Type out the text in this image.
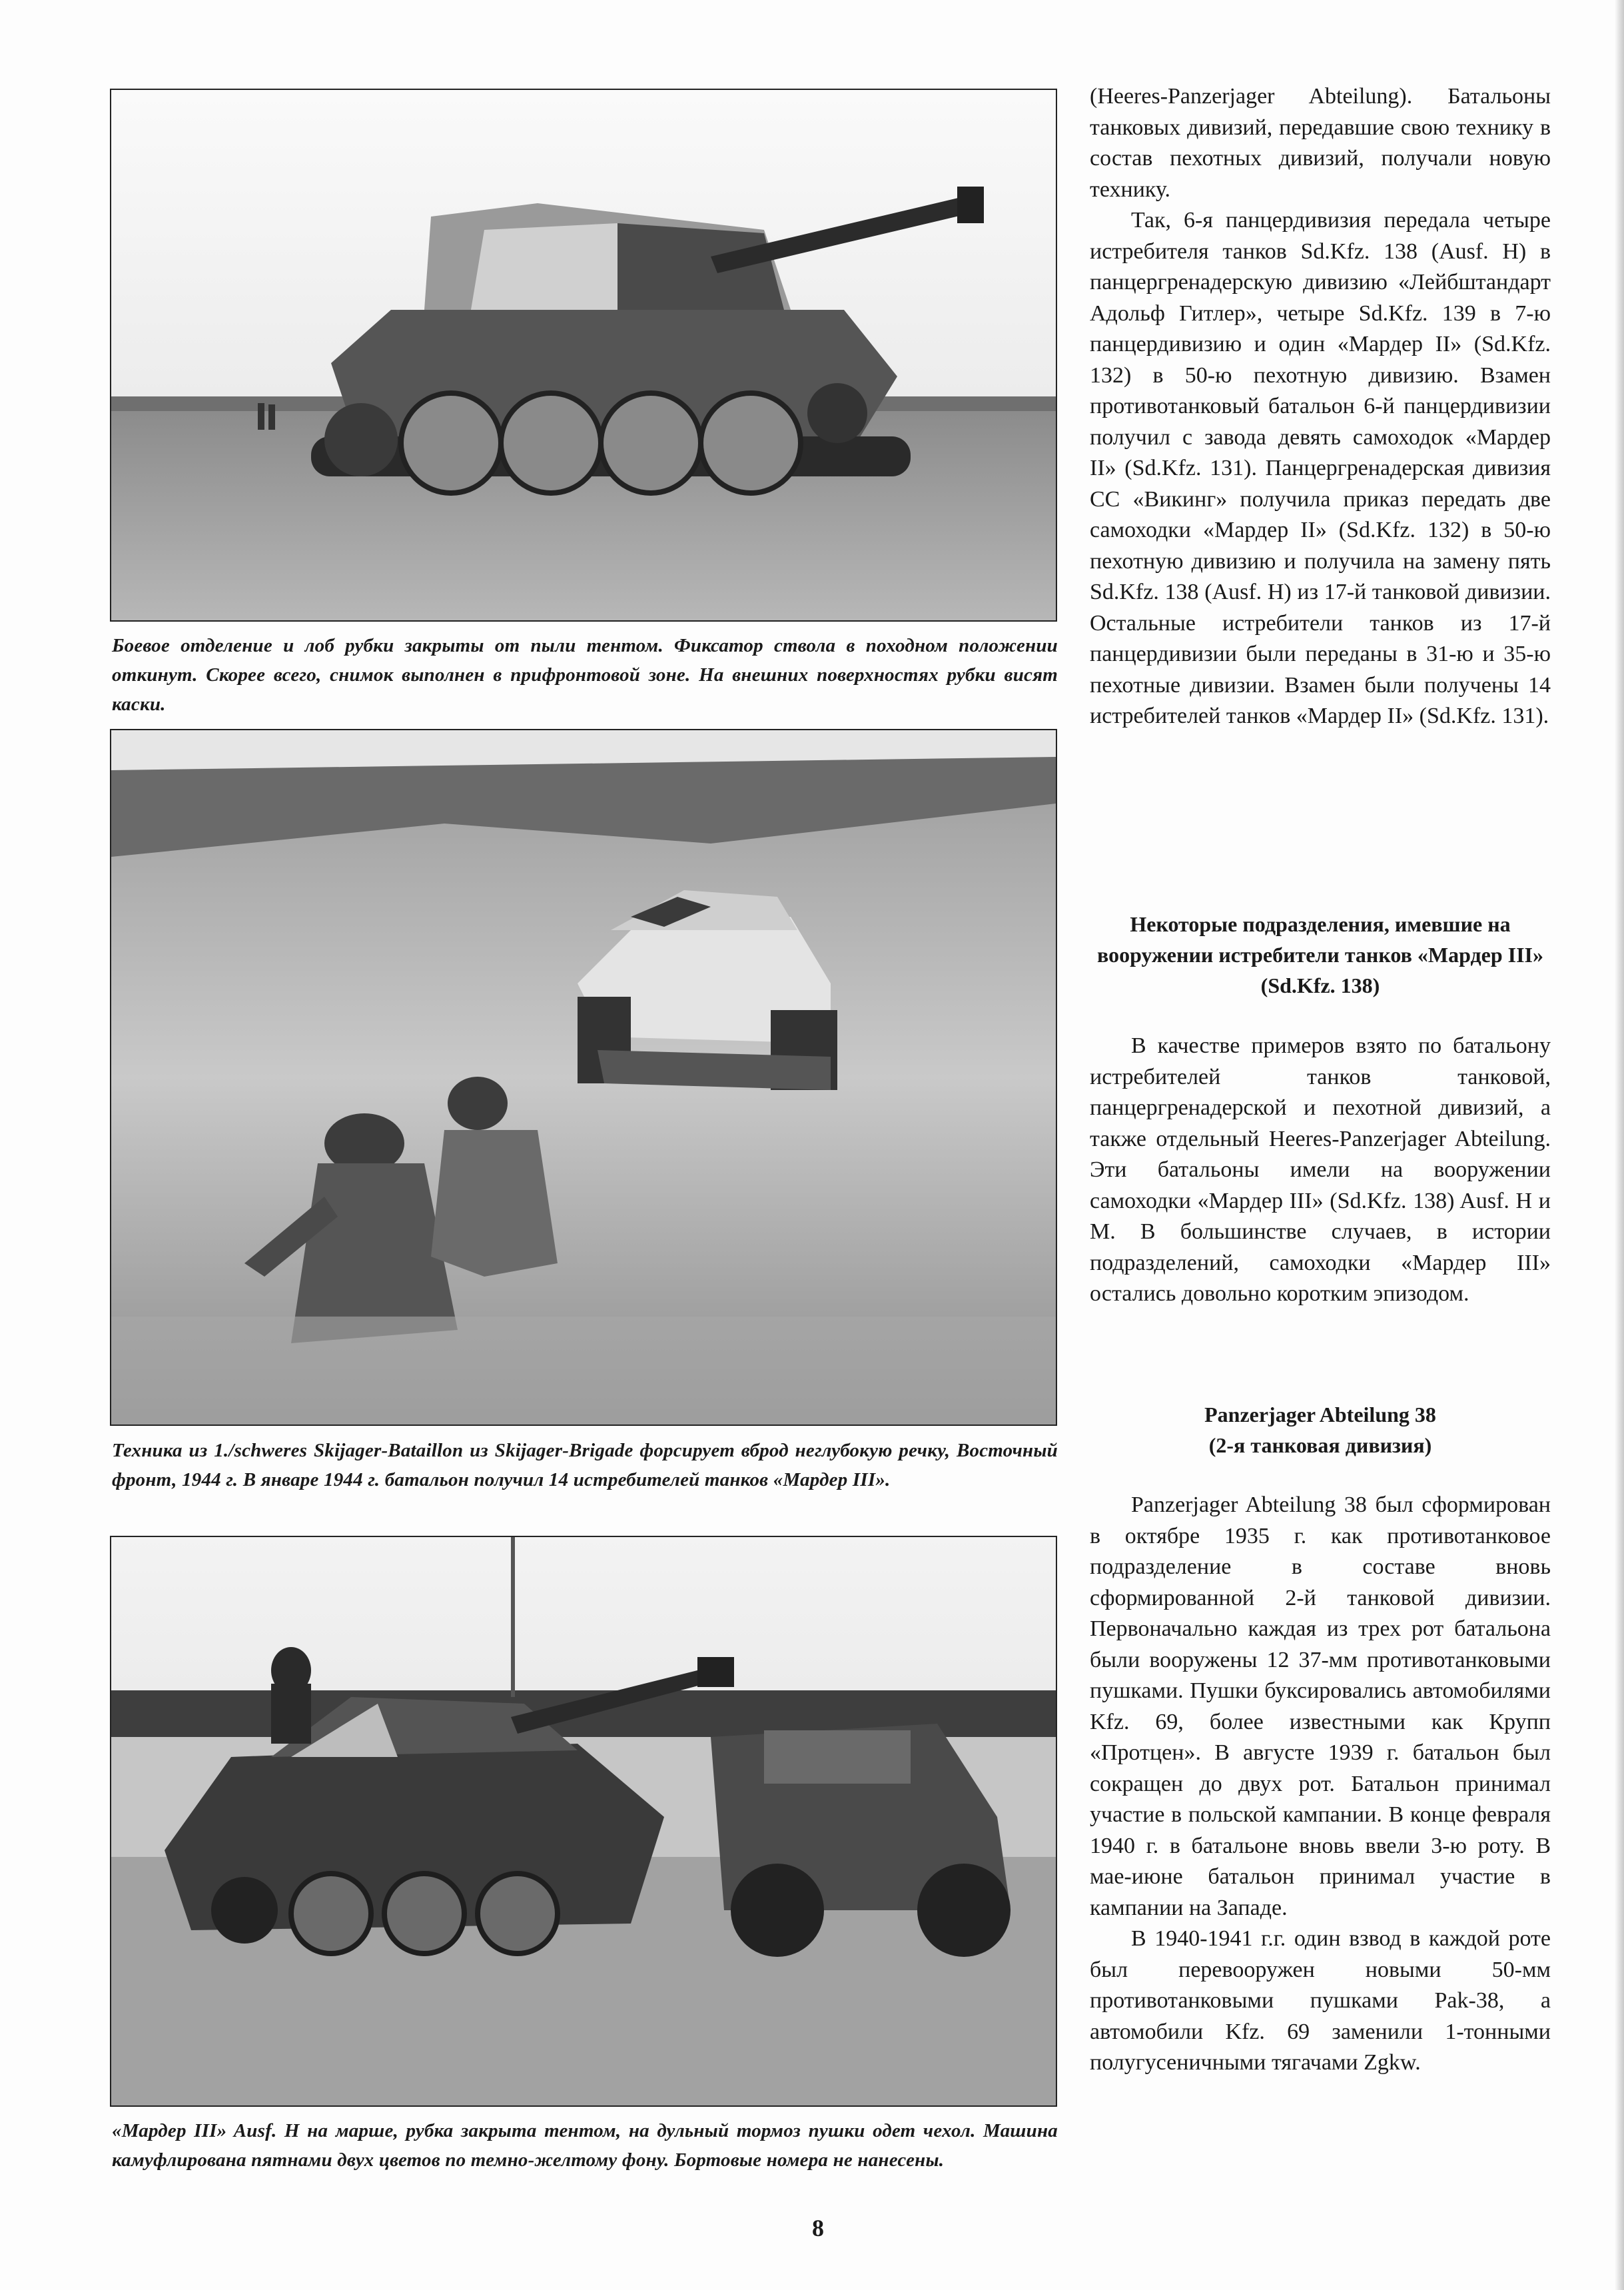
Боевое отделение и лоб рубки закрыты от пыли тентом. Фиксатор ствола в походном положении откинут. Скорее всего, снимок выполнен в прифронтовой зоне. На внешних поверхностях рубки висят каски.
Техника из 1./schweres Skijager-Bataillon из Skijager-Brigade форсирует вброд неглубокую речку, Восточный фронт, 1944 г. В январе 1944 г. батальон получил 14 истребителей танков «Мардер III».
«Мардер III» Ausf. H на марше, рубка закрыта тентом, на дульный тормоз пушки одет чехол. Машина камуфлирована пятнами двух цветов по темно-желтому фону. Бортовые номера не нанесены.

(Heeres-Panzerjager Abteilung). Батальоны танковых дивизий, передавшие свою технику в состав пехотных дивизий, получали новую технику.

Так, 6-я панцердивизия передала четыре истребителя танков Sd.Kfz. 138 (Ausf. H) в панцергренадерскую дивизию «Лейбштандарт Адольф Гитлер», четыре Sd.Kfz. 139 в 7-ю панцердивизию и один «Мардер II» (Sd.Kfz. 132) в 50-ю пехотную дивизию. Взамен противотанковый батальон 6-й панцердивизии получил с завода девять самоходок «Мардер II» (Sd.Kfz. 131). Панцергренадерская дивизия СС «Викинг» получила приказ передать две самоходки «Мардер II» (Sd.Kfz. 132) в 50-ю пехотную дивизию и получила на замену пять Sd.Kfz. 138 (Ausf. H) из 17-й танковой дивизии. Остальные истребители танков из 17-й панцердивизии были переданы в 31-ю и 35-ю пехотные дивизии. Взамен были получены 14 истребителей танков «Мардер II» (Sd.Kfz. 131).

Некоторые подразделения, имевшие на вооружении истребители танков «Мардер III» (Sd.Kfz. 138)

В качестве примеров взято по батальону истребителей танков танковой, панцергренадерской и пехотной дивизий, а также отдельный Heeres-Panzerjager Abteilung. Эти батальоны имели на вооружении самоходки «Мардер III» (Sd.Kfz. 138) Ausf. H и M. В большинстве случаев, в истории подразделений, самоходки «Мардер III» остались довольно коротким эпизодом.

Panzerjager Abteilung 38
(2-я танковая дивизия)

Panzerjager Abteilung 38 был сформирован в октябре 1935 г. как противотанковое подразделение в составе вновь сформированной 2-й танковой дивизии. Первоначально каждая из трех рот батальона были вооружены 12 37-мм противотанковыми пушками. Пушки буксировались автомобилями Kfz. 69, более известными как Крупп «Протцен». В августе 1939 г. батальон был сокращен до двух рот. Батальон принимал участие в польской кампании. В конце февраля 1940 г. в батальоне вновь ввели 3-ю роту. В мае-июне батальон принимал участие в кампании на Западе.

В 1940-1941 г.г. один взвод в каждой роте был перевооружен новыми 50-мм противотанковыми пушками Pak-38, а автомобили Kfz. 69 заменили 1-тонными полугусеничными тягачами Zgkw.

8
